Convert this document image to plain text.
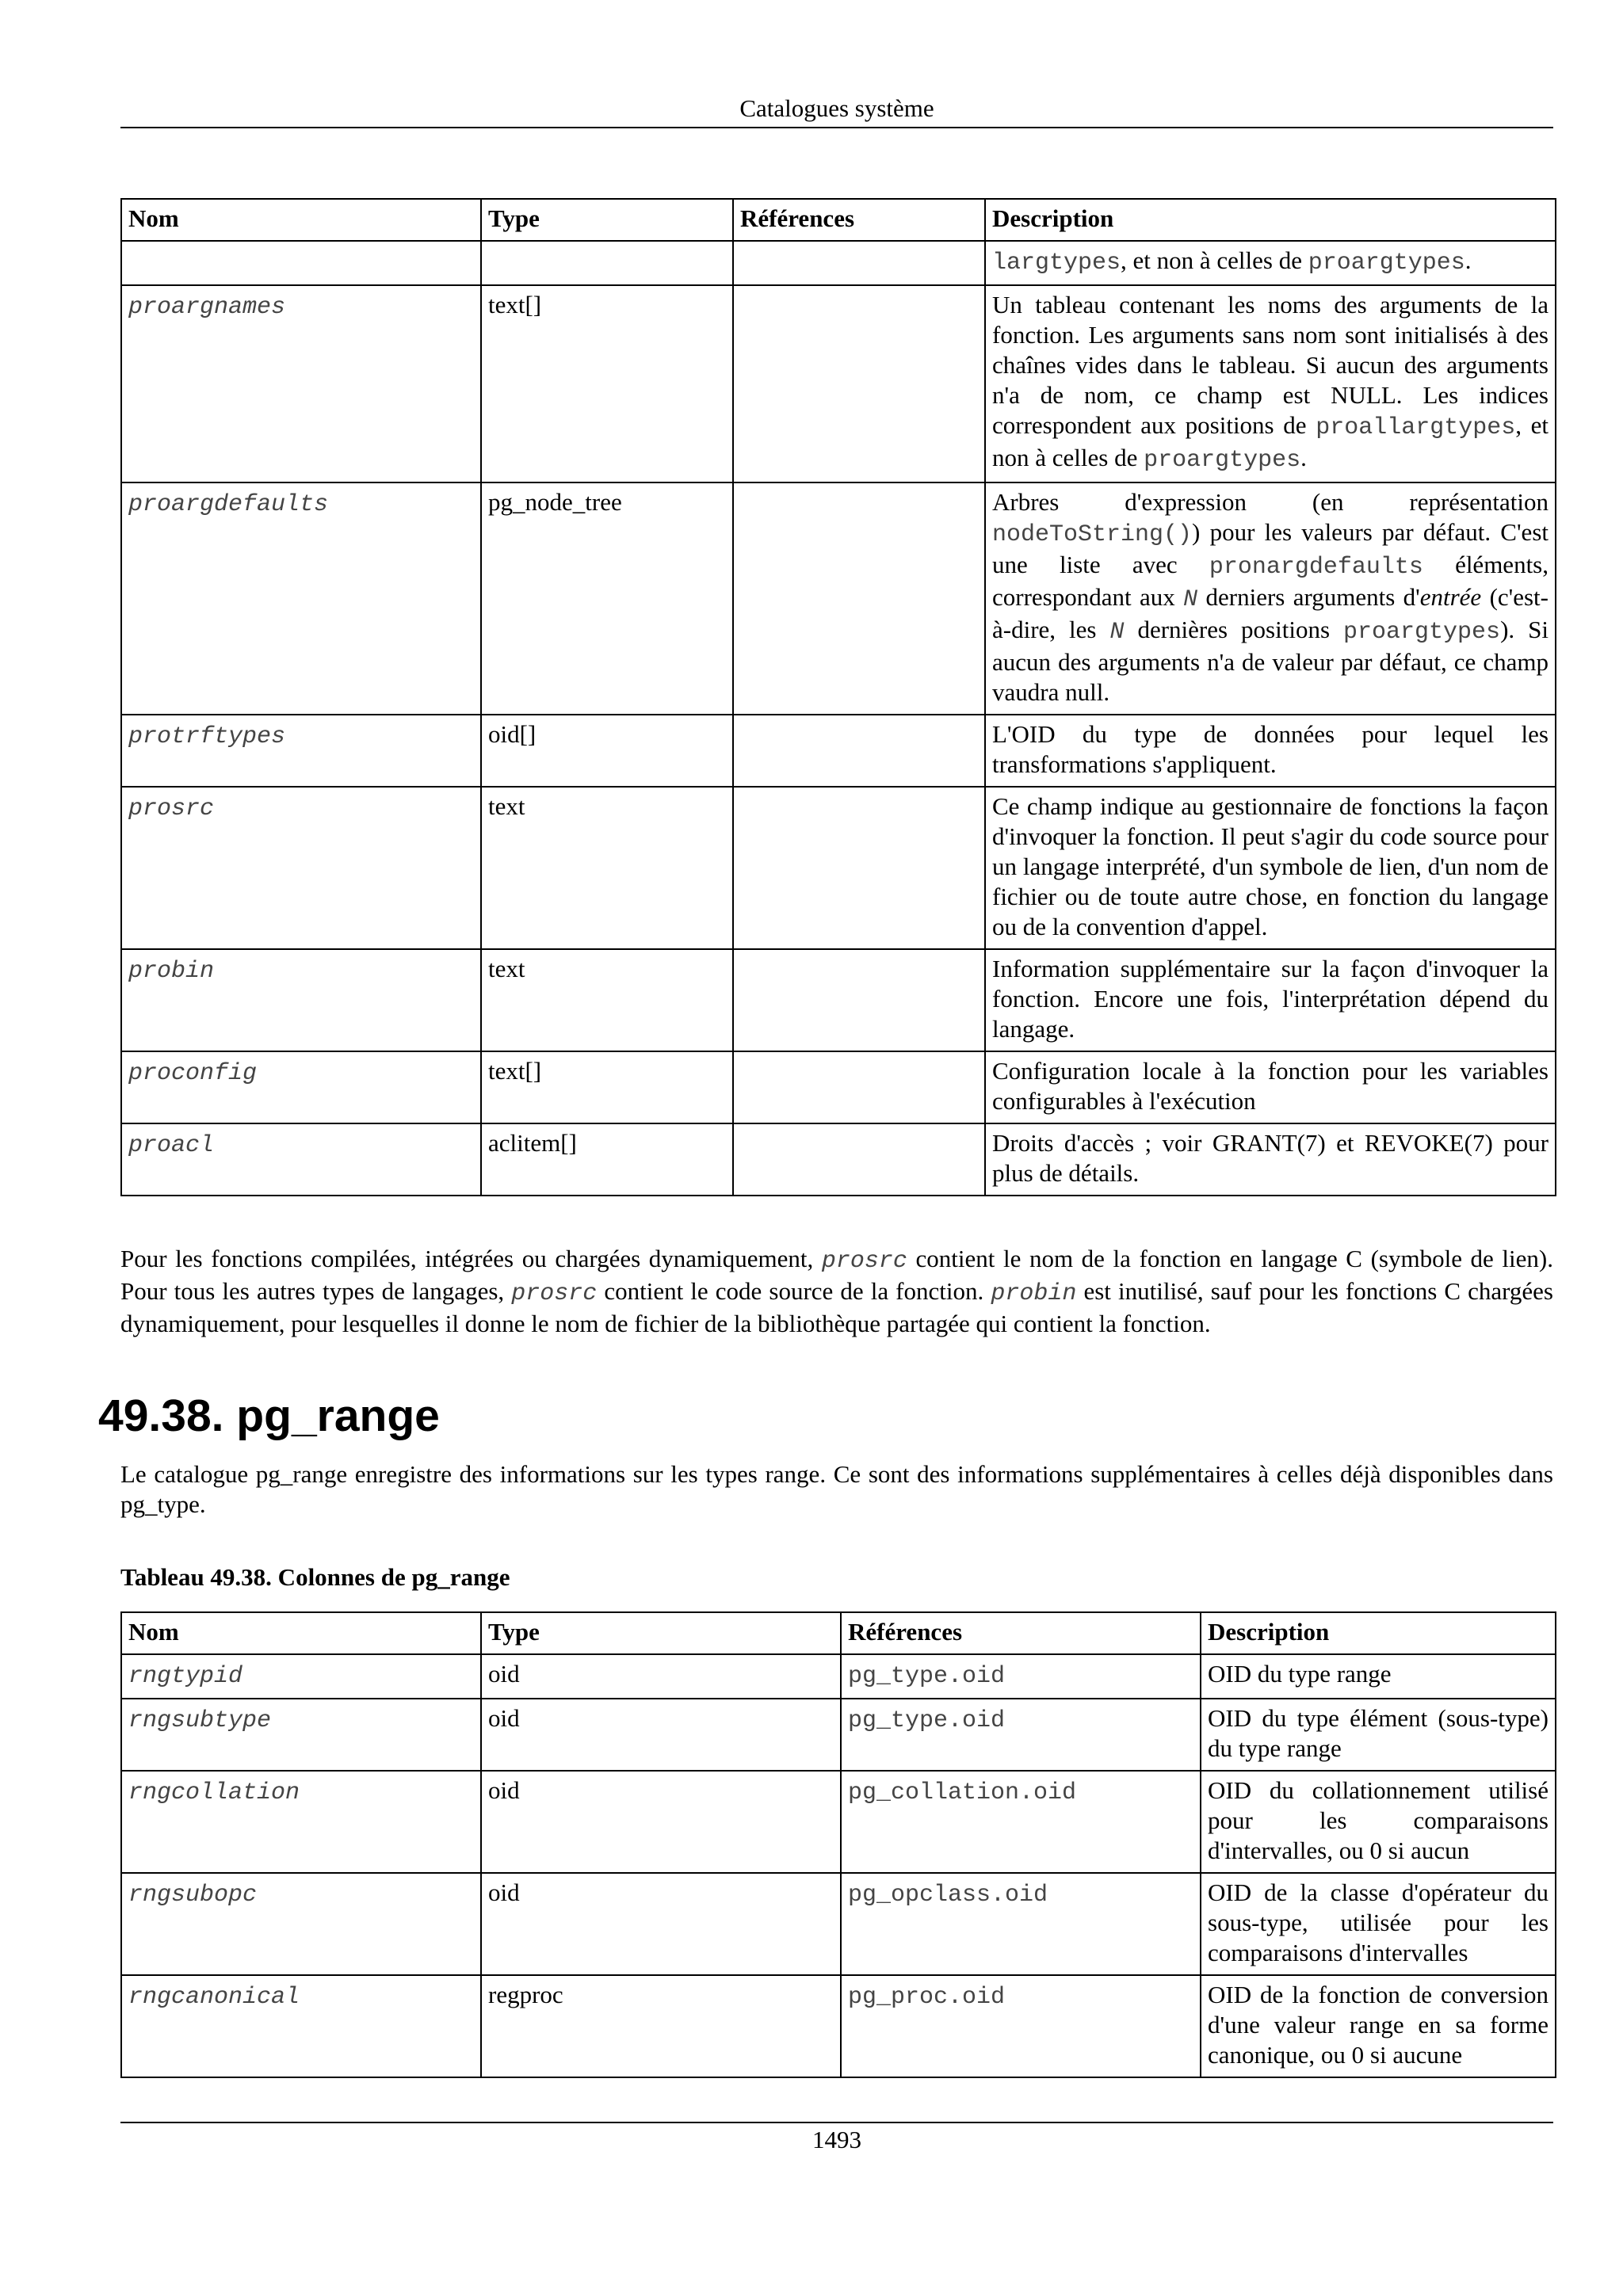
Catalogues système
Nom	Type	Références	Description
			largtypes, et non à celles de proargtypes.
proargnames	text[]		Un tableau contenant les noms des arguments de la fonction. Les arguments sans nom sont initialisés à des chaînes vides dans le tableau. Si aucun des arguments n'a de nom, ce champ est NULL. Les indices correspondent aux positions de proallargtypes, et non à celles de proargtypes.
proargdefaults	pg_node_tree		Arbres d'expression (en représentation nodeToString()) pour les valeurs par défaut. C'est une liste avec pronargdefaults éléments, correspondant aux N derniers arguments d'entrée (c'est-à-dire, les N dernières positions proargtypes). Si aucun des arguments n'a de valeur par défaut, ce champ vaudra null.
protrftypes	oid[]		L'OID du type de données pour lequel les transformations s'appliquent.
prosrc	text		Ce champ indique au gestionnaire de fonctions la façon d'invoquer la fonction. Il peut s'agir du code source pour un langage interprété, d'un symbole de lien, d'un nom de fichier ou de toute autre chose, en fonction du langage ou de la convention d'appel.
probin	text		Information supplémentaire sur la façon d'invoquer la fonction. Encore une fois, l'interprétation dépend du langage.
proconfig	text[]		Configuration locale à la fonction pour les variables configurables à l'exécution
proacl	aclitem[]		Droits d'accès ; voir GRANT(7) et REVOKE(7) pour plus de détails.

Pour les fonctions compilées, intégrées ou chargées dynamiquement, prosrc contient le nom de la fonction en langage C (symbole de lien). Pour tous les autres types de langages, prosrc contient le code source de la fonction. probin est inutilisé, sauf pour les fonctions C chargées dynamiquement, pour lesquelles il donne le nom de fichier de la bibliothèque partagée qui contient la fonction.

49.38. pg_range

Le catalogue pg_range enregistre des informations sur les types range. Ce sont des informations supplémentaires à celles déjà disponibles dans pg_type.

Tableau 49.38. Colonnes de pg_range
Nom	Type	Références	Description
rngtypid	oid	pg_type.oid	OID du type range
rngsubtype	oid	pg_type.oid	OID du type élément (sous-type) du type range
rngcollation	oid	pg_collation.oid	OID du collationnement utilisé pour les comparaisons d'intervalles, ou 0 si aucun
rngsubopc	oid	pg_opclass.oid	OID de la classe d'opérateur du sous-type, utilisée pour les comparaisons d'intervalles
rngcanonical	regproc	pg_proc.oid	OID de la fonction de conversion d'une valeur range en sa forme canonique, ou 0 si aucune
1493
